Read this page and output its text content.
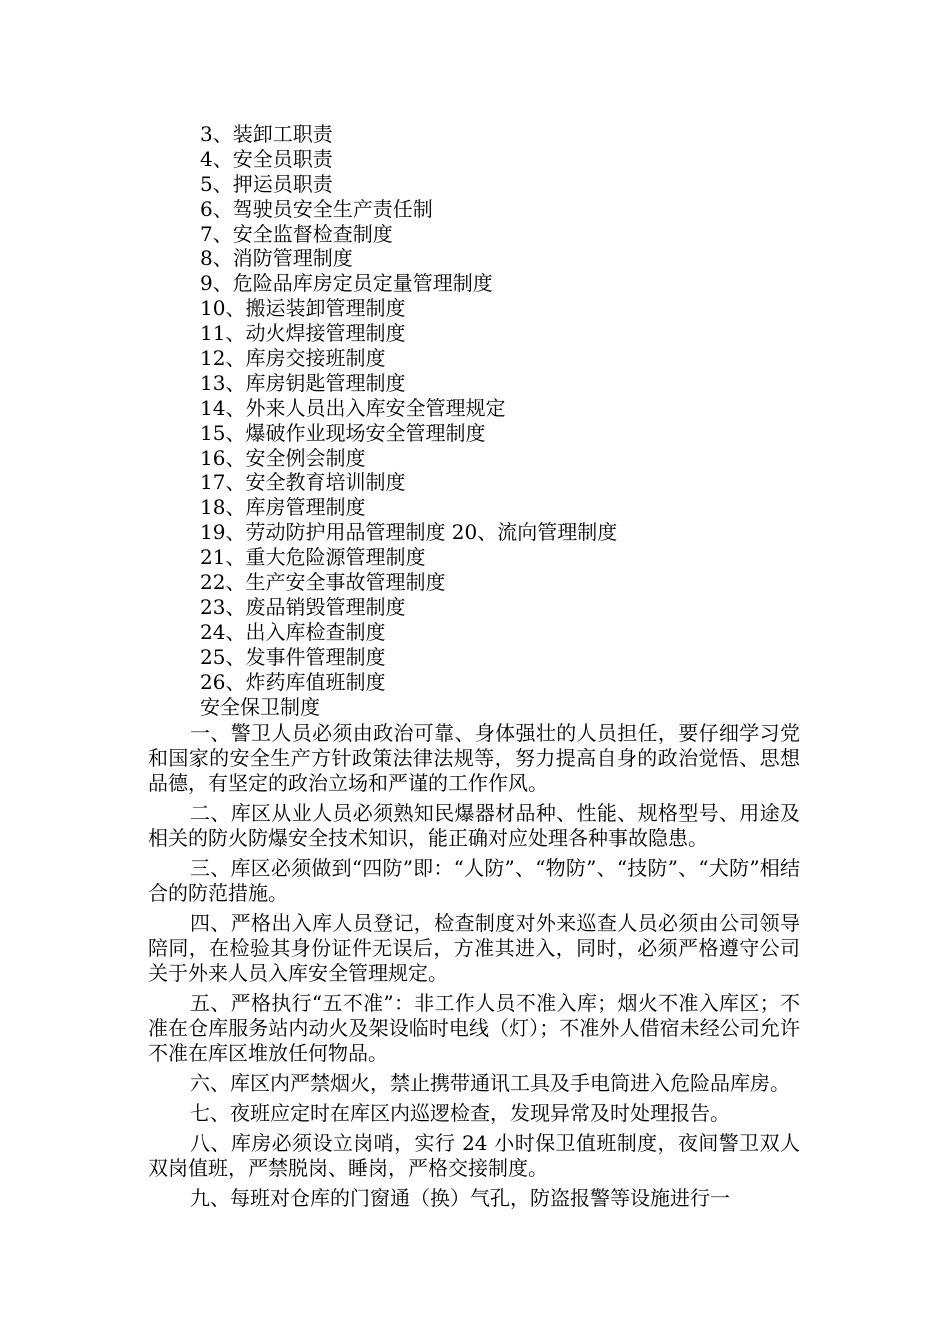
3、装卸工职责
4、安全员职责
5、押运员职责
6、驾驶员安全生产责任制
7、安全监督检查制度
8、消防管理制度
9、危险品库房定员定量管理制度
10、搬运装卸管理制度
11、动火焊接管理制度
12、库房交接班制度
13、库房钥匙管理制度
14、外来人员出入库安全管理规定
15、爆破作业现场安全管理制度
16、安全例会制度
17、安全教育培训制度
18、库房管理制度
19、劳动防护用品管理制度 20、流向管理制度
21、重大危险源管理制度
22、生产安全事故管理制度
23、废品销毁管理制度
24、出入库检查制度
25、发事件管理制度
26、炸药库值班制度
安全保卫制度

一、警卫人员必须由政治可靠、身体强壮的人员担任，要仔细学习党和国家的安全生产方针政策法律法规等，努力提高自身的政治觉悟、思想品德，有坚定的政治立场和严谨的工作作风。

二、库区从业人员必须熟知民爆器材品种、性能、规格型号、用途及相关的防火防爆安全技术知识，能正确对应处理各种事故隐患。

三、库区必须做到“四防”即：“人防”、“物防”、“技防”、“犬防”相结合的防范措施。

四、严格出入库人员登记，检查制度对外来巡查人员必须由公司领导陪同，在检验其身份证件无误后，方准其进入，同时，必须严格遵守公司关于外来人员入库安全管理规定。

五、严格执行“五不准”：非工作人员不准入库；烟火不准入库区；不准在仓库服务站内动火及架设临时电线（灯）；不准外人借宿未经公司允许不准在库区堆放任何物品。

六、库区内严禁烟火，禁止携带通讯工具及手电筒进入危险品库房。

七、夜班应定时在库区内巡逻检查，发现异常及时处理报告。

八、库房必须设立岗哨，实行 24 小时保卫值班制度，夜间警卫双人双岗值班，严禁脱岗、睡岗，严格交接制度。

九、每班对仓库的门窗通（换）气孔，防盗报警等设施进行一
